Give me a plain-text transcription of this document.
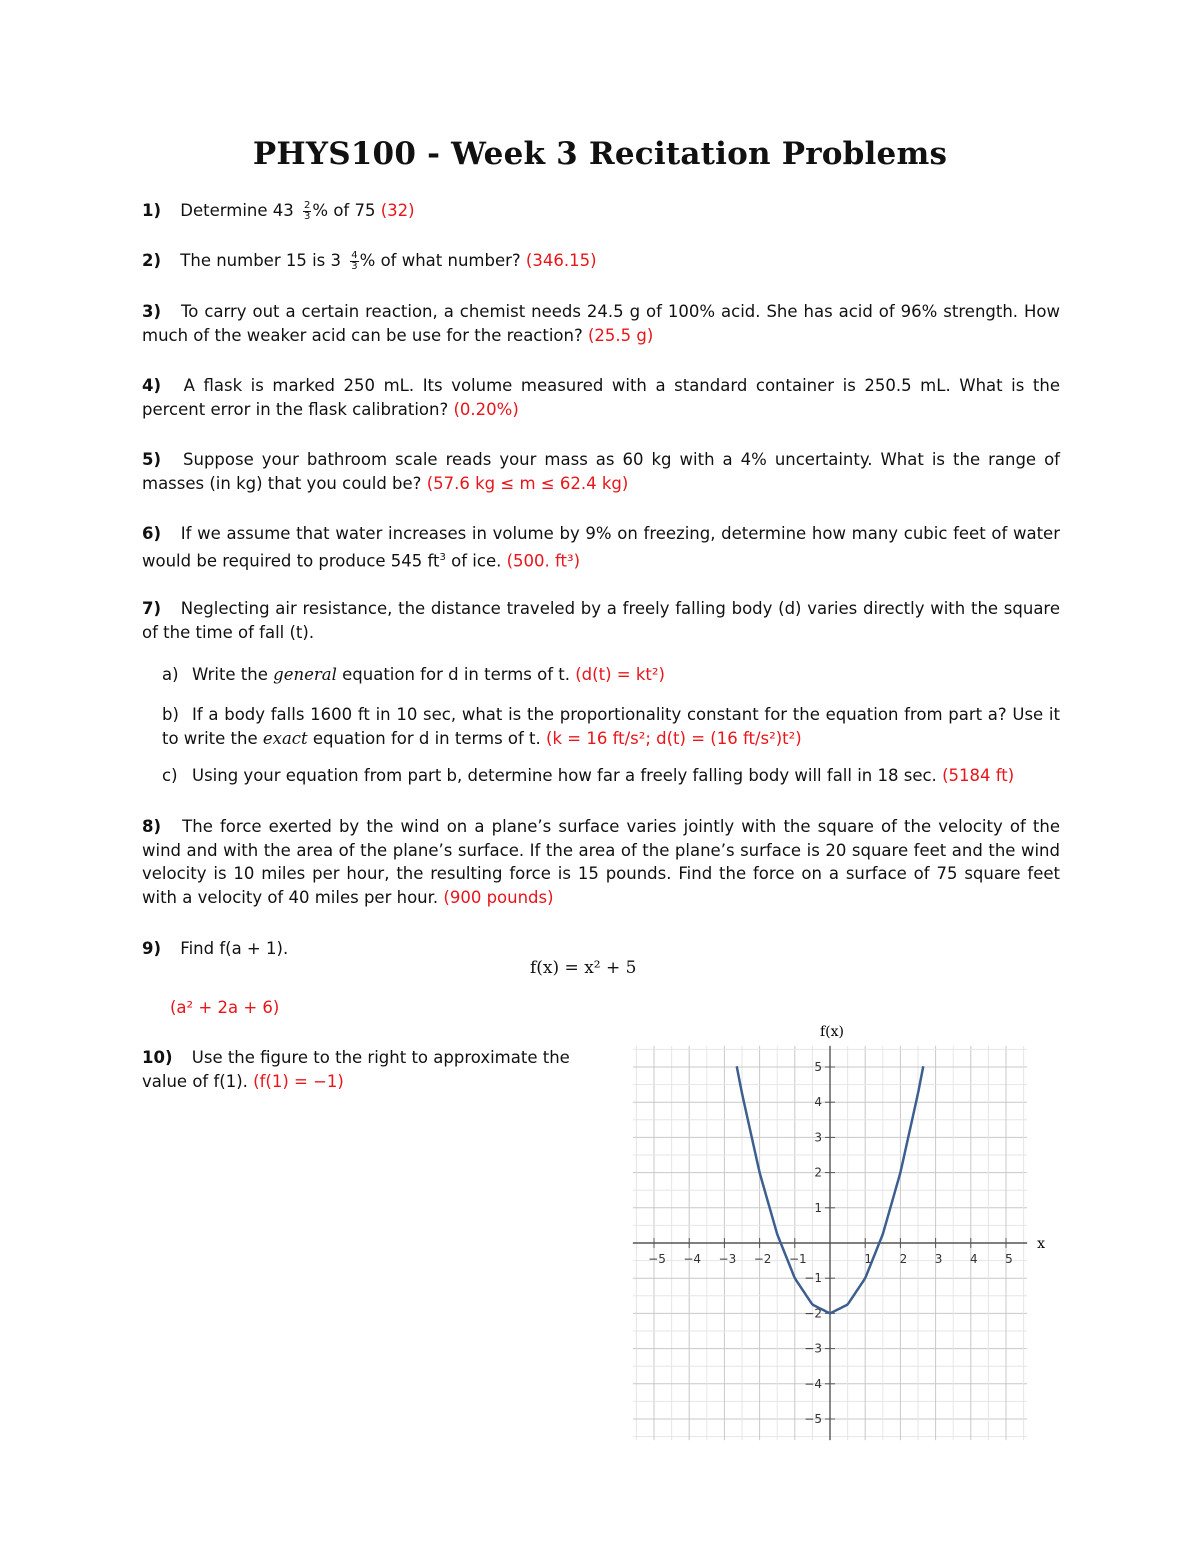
PHYS100 - Week 3 Recitation Problems
1) Determine $43 \frac{2}{3}$ % of 75 (32)
2) The number 15 is $3 \frac{4}{3}$ % of what number? (346.15)
3) To carry out a certain reaction, a chemist needs 24.5 g of 100% acid. She has acid of 96% strength. How much of the weaker acid can be use for the reaction? (25.5 g)
4) A flask is marked 250 mL. Its volume measured with a standard container is 250.5 mL. What is the percent error in the flask calibration? (0.20%)
5) Suppose your bathroom scale reads your mass as 60 kg with a 4% uncertainty. What is the range of masses (in kg) that you could be? (57.6 kg ≤ m ≤ 62.4 kg)
6) If we assume that water increases in volume by 9% on freezing, determine how many cubic feet of water would be required to produce 545 $ft^3$ of ice. (500. ft³)
7) Neglecting air resistance, the distance traveled by a freely falling body (d) varies directly with the square of the time of fall (t).
a) Write the general equation for d in terms of t. (d(t) = kt²)
b) If a body falls 1600 ft in 10 sec, what is the proportionality constant for the equation from part a? Use it to write the exact equation for d in terms of t. (k = 16 ft/s²; d(t) = (16 ft/s²)t²)
c) Using your equation from part b, determine how far a freely falling body will fall in 18 sec. (5184 ft)
8) The force exerted by the wind on a plane’s surface varies jointly with the square of the velocity of the wind and with the area of the plane’s surface. If the area of the plane’s surface is 20 square feet and the wind velocity is 10 miles per hour, the resulting force is 15 pounds. Find the force on a surface of 75 square feet with a velocity of 40 miles per hour. (900 pounds)
9) Find f(a + 1).
f(x) = x² + 5
(a² + 2a + 6)
10) Use the figure to the right to approximate the value of f(1). (f(1) = −1)
−5 −4 −3 −2 −1	1 2 3 4 5
5
4
3
2
1
−1
−2
−3
−4
−5
x
f(x)
